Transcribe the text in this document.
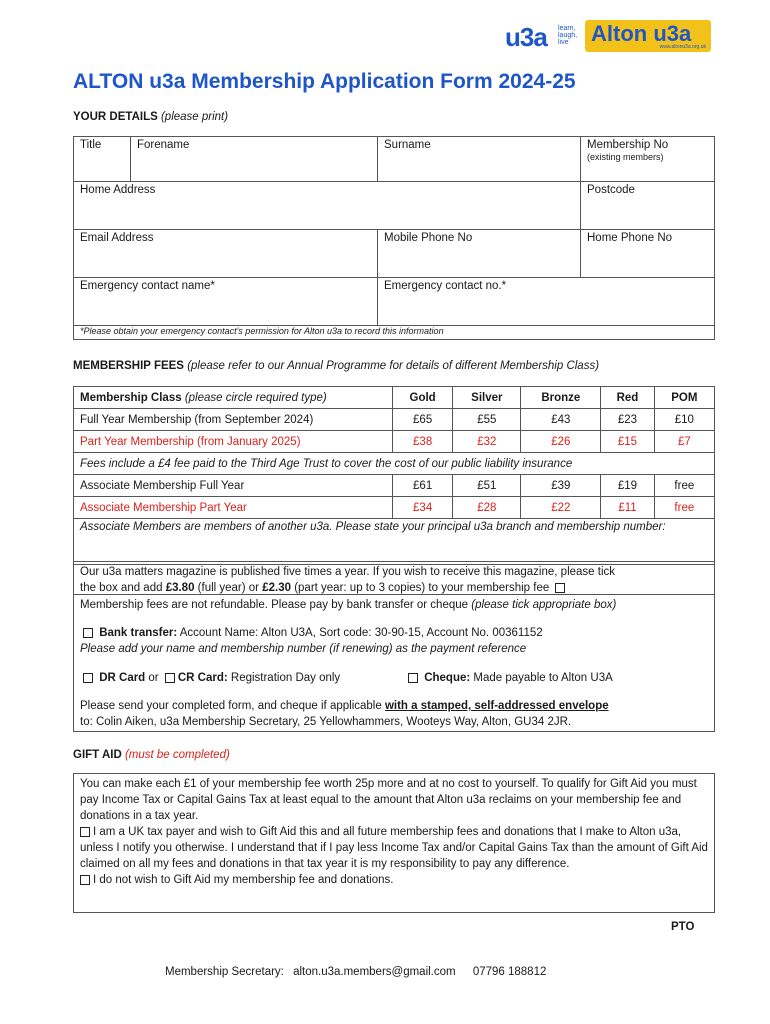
u3a learn, laugh, live	Alton u3a
www.altonu3a.org.uk
ALTON u3a Membership Application Form 2024-25
YOUR DETAILS (please print)
Title	Forename	Surname	Membership No
(existing members)
Home Address			Postcode
Email Address		Mobile Phone No	Home Phone No
Emergency contact name*		Emergency contact no.*	
*Please obtain your emergency contact's permission for Alton u3a to record this information			
MEMBERSHIP FEES (please refer to our Annual Programme for details of different Membership Class)
Membership Class (please circle required type)	Gold	Silver	Bronze	Red	POM
Full Year Membership (from September 2024)	£65	£55	£43	£23	£10
Part Year Membership (from January 2025)	£38	£32	£26	£15	£7
Fees include a £4 fee paid to the Third Age Trust to cover the cost of our public liability insurance					
Associate Membership Full Year	£61	£51	£39	£19	free
Associate Membership Part Year	£34	£28	£22	£11	free
Associate Members are members of another u3a. Please state your principal u3a branch and membership number:					
Our u3a matters magazine is published five times a year. If you wish to receive this magazine, please tick
the box and add £3.80 (full year) or £2.30 (part year: up to 3 copies) to your membership fee
Membership fees are not refundable. Please pay by bank transfer or cheque (please tick appropriate box)
Bank transfer: Account Name: Alton U3A, Sort code: 30-90-15, Account No. 00361152
Please add your name and membership number (if renewing) as the payment reference
DR Card or CR Card: Registration Day only	Cheque: Made payable to Alton U3A
Please send your completed form, and cheque if applicable with a stamped, self-addressed envelope
to: Colin Aiken, u3a Membership Secretary, 25 Yellowhammers, Wooteys Way, Alton, GU34 2JR.
GIFT AID (must be completed)
You can make each £1 of your membership fee worth 25p more and at no cost to yourself. To qualify for Gift Aid you must pay Income Tax or Capital Gains Tax at least equal to the amount that Alton u3a reclaims on your membership fee and donations in a tax year.
I am a UK tax payer and wish to Gift Aid this and all future membership fees and donations that I make to Alton u3a, unless I notify you otherwise. I understand that if I pay less Income Tax and/or Capital Gains Tax than the amount of Gift Aid claimed on all my fees and donations in that tax year it is my responsibility to pay any difference.
I do not wish to Gift Aid my membership fee and donations.
PTO
Membership Secretary: alton.u3a.members@gmail.com 07796 188812
